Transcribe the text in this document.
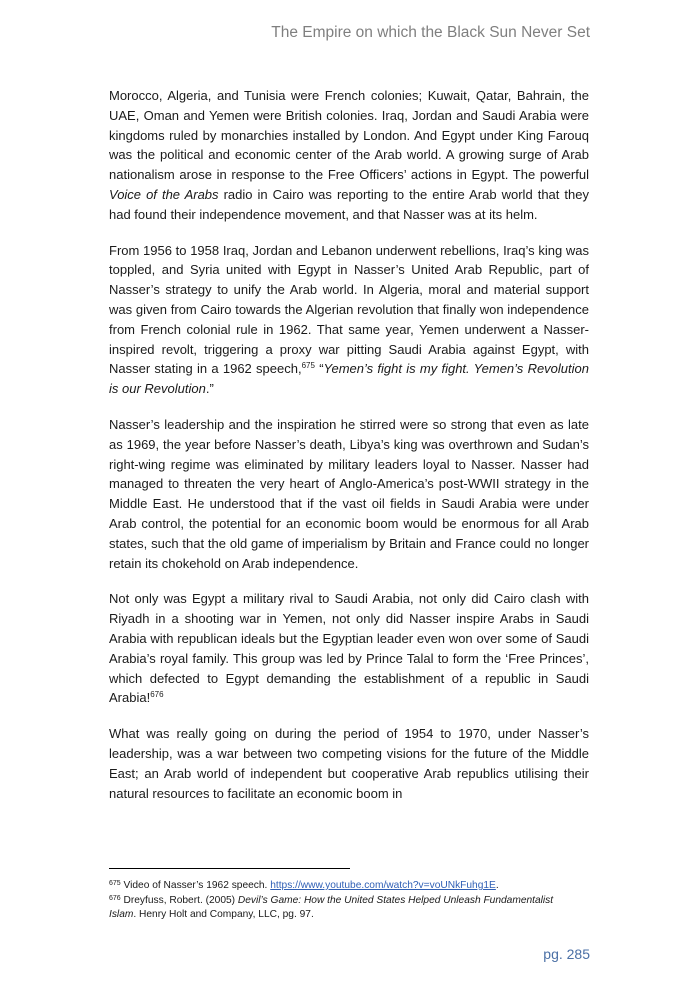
The Empire on which the Black Sun Never Set

Morocco, Algeria, and Tunisia were French colonies; Kuwait, Qatar, Bahrain, the UAE, Oman and Yemen were British colonies. Iraq, Jordan and Saudi Arabia were kingdoms ruled by monarchies installed by London. And Egypt under King Farouq was the political and economic center of the Arab world. A growing surge of Arab nationalism arose in response to the Free Officers’ actions in Egypt. The powerful Voice of the Arabs radio in Cairo was reporting to the entire Arab world that they had found their independence movement, and that Nasser was at its helm.

From 1956 to 1958 Iraq, Jordan and Lebanon underwent rebellions, Iraq’s king was toppled, and Syria united with Egypt in Nasser’s United Arab Republic, part of Nasser’s strategy to unify the Arab world. In Algeria, moral and material support was given from Cairo towards the Algerian revolution that finally won independence from French colonial rule in 1962. That same year, Yemen underwent a Nasser-inspired revolt, triggering a proxy war pitting Saudi Arabia against Egypt, with Nasser stating in a 1962 speech,$^{675}$ “Yemen’s fight is my fight. Yemen’s Revolution is our Revolution.”

Nasser’s leadership and the inspiration he stirred were so strong that even as late as 1969, the year before Nasser’s death, Libya’s king was overthrown and Sudan’s right-wing regime was eliminated by military leaders loyal to Nasser. Nasser had managed to threaten the very heart of Anglo-America’s post-WWII strategy in the Middle East. He understood that if the vast oil fields in Saudi Arabia were under Arab control, the potential for an economic boom would be enormous for all Arab states, such that the old game of imperialism by Britain and France could no longer retain its chokehold on Arab independence.

Not only was Egypt a military rival to Saudi Arabia, not only did Cairo clash with Riyadh in a shooting war in Yemen, not only did Nasser inspire Arabs in Saudi Arabia with republican ideals but the Egyptian leader even won over some of Saudi Arabia’s royal family. This group was led by Prince Talal to form the ‘Free Princes’, which defected to Egypt demanding the establishment of a republic in Saudi Arabia!$^{676}$

What was really going on during the period of 1954 to 1970, under Nasser’s leadership, was a war between two competing visions for the future of the Middle East; an Arab world of independent but cooperative Arab republics utilising their natural resources to facilitate an economic boom in

$^{675}$ Video of Nasser’s 1962 speech. https://www.youtube.com/watch?v=voUNkFuhg1E.

$^{676}$ Dreyfuss, Robert. (2005) Devil’s Game: How the United States Helped Unleash Fundamentalist Islam. Henry Holt and Company, LLC, pg. 97.

pg. 285
